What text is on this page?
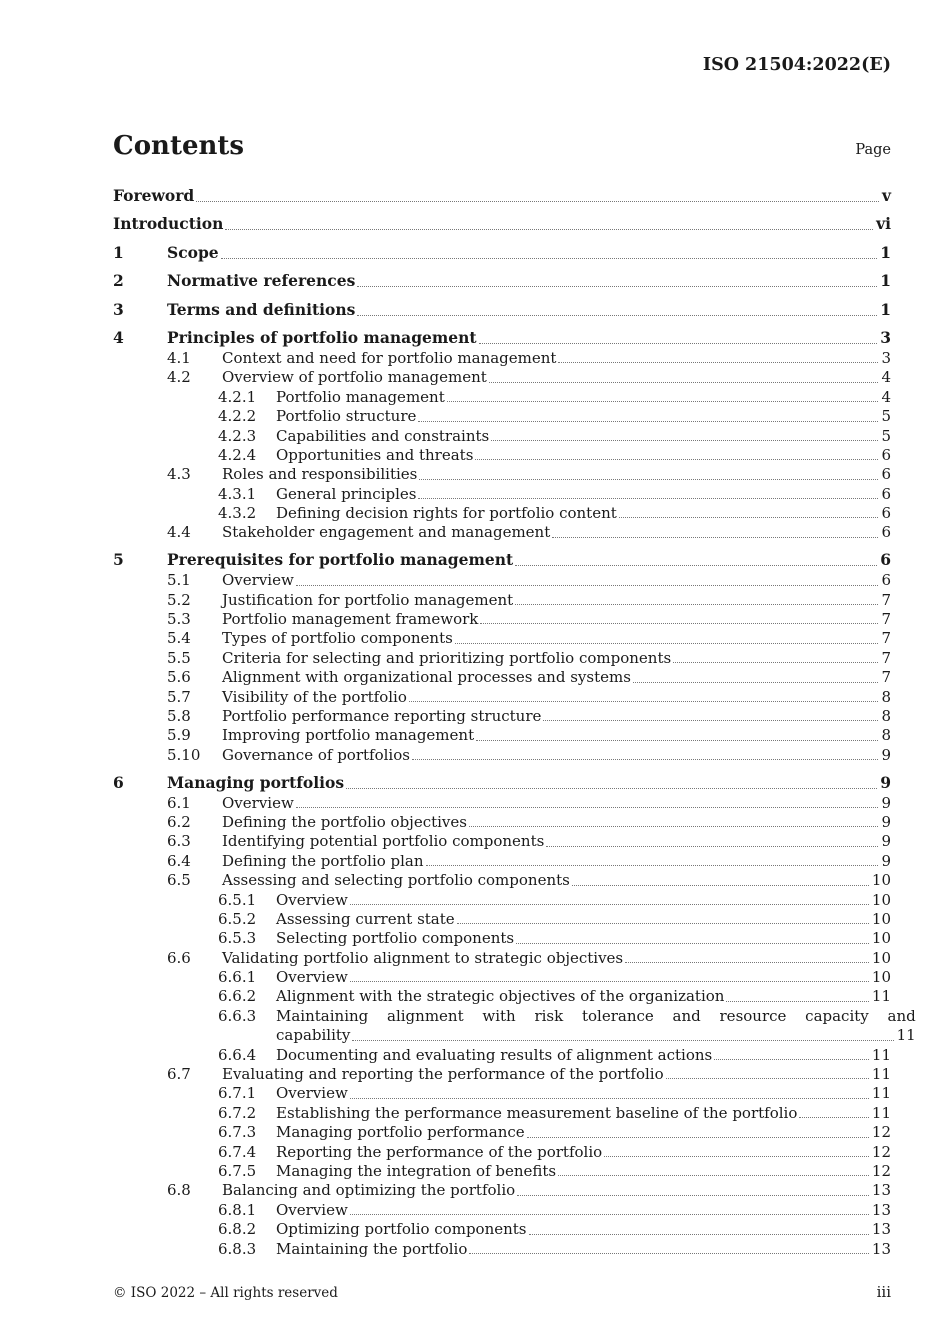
ISO 21504:2022(E)
Contents	Page
Foreword	v
Introduction	vi
1	Scope	1
2	Normative references	1
3	Terms and definitions	1
4	Principles of portfolio management	3
4.1	Context and need for portfolio management	3
4.2	Overview of portfolio management	4
4.2.1	Portfolio management	4
4.2.2	Portfolio structure	5
4.2.3	Capabilities and constraints	5
4.2.4	Opportunities and threats	6
4.3	Roles and responsibilities	6
4.3.1	General principles	6
4.3.2	Defining decision rights for portfolio content	6
4.4	Stakeholder engagement and management	6
5	Prerequisites for portfolio management	6
5.1	Overview	6
5.2	Justification for portfolio management	7
5.3	Portfolio management framework	7
5.4	Types of portfolio components	7
5.5	Criteria for selecting and prioritizing portfolio components	7
5.6	Alignment with organizational processes and systems	7
5.7	Visibility of the portfolio	8
5.8	Portfolio performance reporting structure	8
5.9	Improving portfolio management	8
5.10	Governance of portfolios	9
6	Managing portfolios	9
6.1	Overview	9
6.2	Defining the portfolio objectives	9
6.3	Identifying potential portfolio components	9
6.4	Defining the portfolio plan	9
6.5	Assessing and selecting portfolio components	10
6.5.1	Overview	10
6.5.2	Assessing current state	10
6.5.3	Selecting portfolio components	10
6.6	Validating portfolio alignment to strategic objectives	10
6.6.1	Overview	10
6.6.2	Alignment with the strategic objectives of the organization	11
6.6.3	Maintaining alignment with risk tolerance and resource capacity and
capability	11
6.6.4	Documenting and evaluating results of alignment actions	11
6.7	Evaluating and reporting the performance of the portfolio	11
6.7.1	Overview	11
6.7.2	Establishing the performance measurement baseline of the portfolio	11
6.7.3	Managing portfolio performance	12
6.7.4	Reporting the performance of the portfolio	12
6.7.5	Managing the integration of benefits	12
6.8	Balancing and optimizing the portfolio	13
6.8.1	Overview	13
6.8.2	Optimizing portfolio components	13
6.8.3	Maintaining the portfolio	13
© ISO 2022 – All rights reserved	iii
